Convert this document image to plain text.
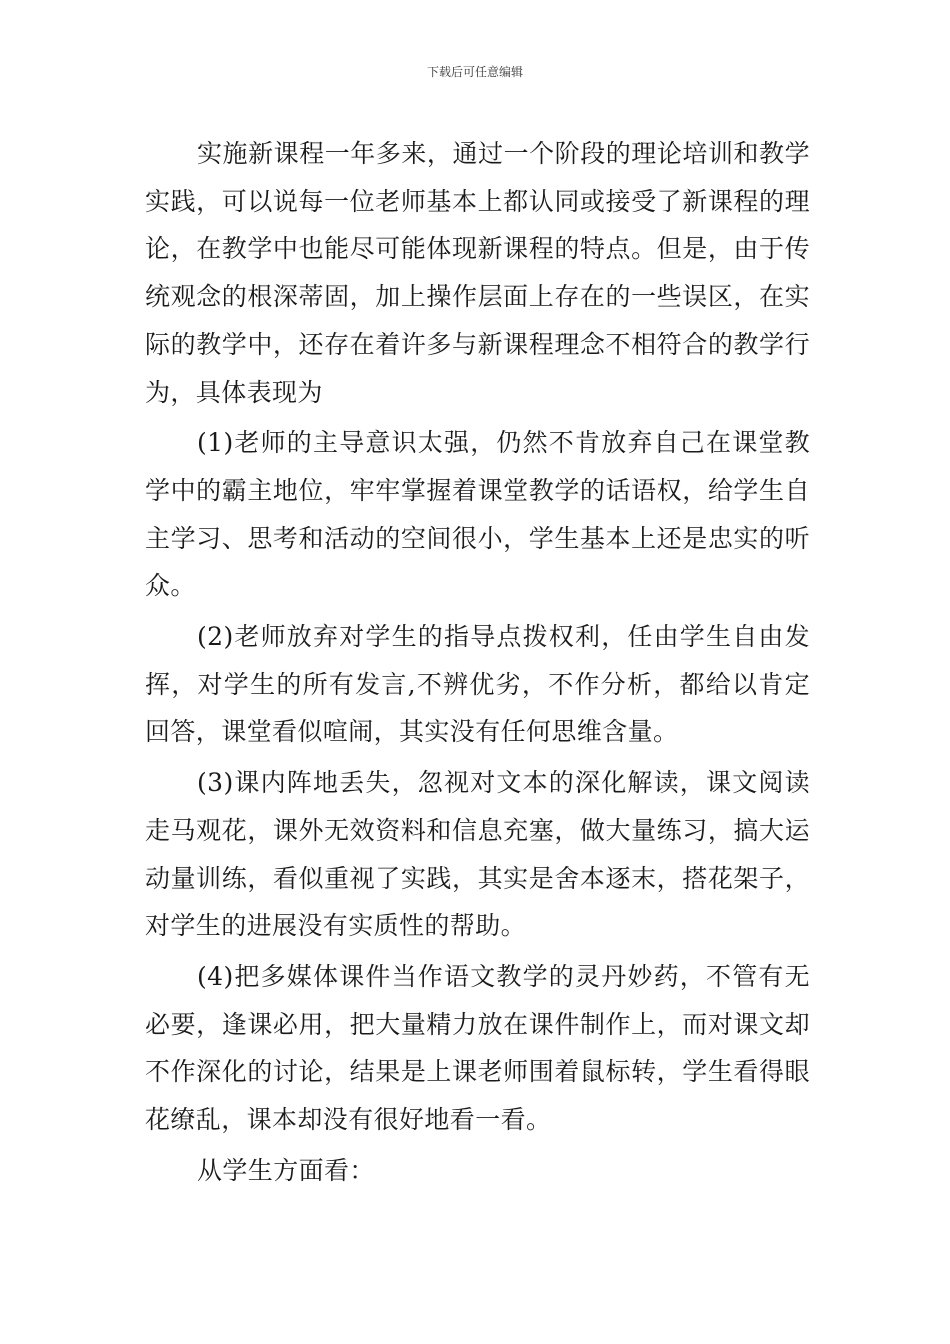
下载后可任意编辑

实施新课程一年多来，通过一个阶段的理论培训和教学实践，可以说每一位老师基本上都认同或接受了新课程的理论，在教学中也能尽可能体现新课程的特点。但是，由于传统观念的根深蒂固，加上操作层面上存在的一些误区，在实际的教学中，还存在着许多与新课程理念不相符合的教学行为，具体表现为

(1)老师的主导意识太强，仍然不肯放弃自己在课堂教学中的霸主地位，牢牢掌握着课堂教学的话语权，给学生自主学习、思考和活动的空间很小，学生基本上还是忠实的听众。

(2)老师放弃对学生的指导点拨权利，任由学生自由发挥，对学生的所有发言,不辨优劣，不作分析，都给以肯定回答，课堂看似喧闹，其实没有任何思维含量。

(3)课内阵地丢失，忽视对文本的深化解读，课文阅读走马观花，课外无效资料和信息充塞，做大量练习，搞大运动量训练，看似重视了实践，其实是舍本逐末，搭花架子，对学生的进展没有实质性的帮助。

(4)把多媒体课件当作语文教学的灵丹妙药，不管有无必要，逢课必用，把大量精力放在课件制作上，而对课文却不作深化的讨论，结果是上课老师围着鼠标转，学生看得眼花缭乱，课本却没有很好地看一看。

从学生方面看：
